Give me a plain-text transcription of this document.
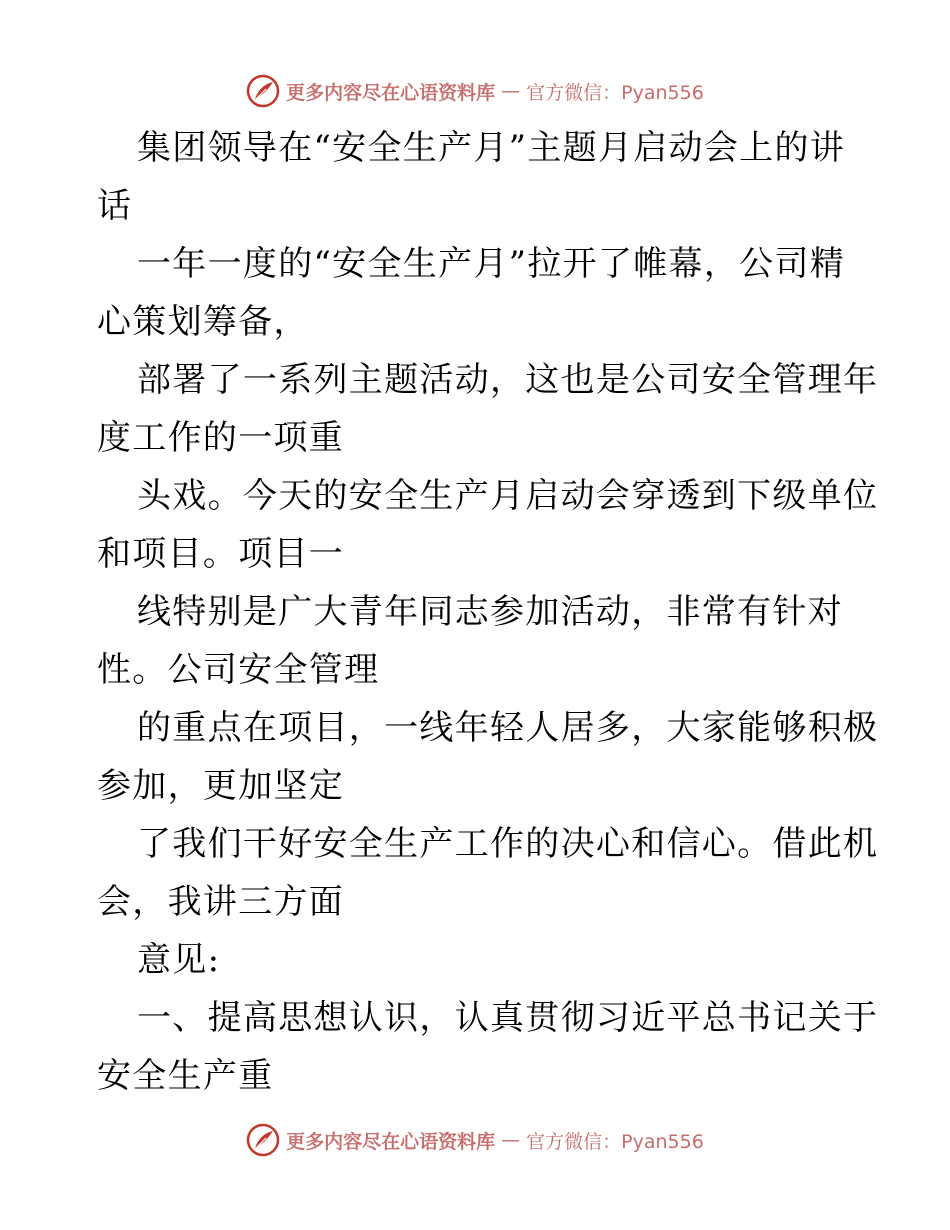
更多内容尽在心语资料库 — 官方微信：Pyan556
集团领导在“安全生产月”主题月启动会上的讲
话
一年一度的“安全生产月”拉开了帷幕，公司精
心策划筹备，
部署了一系列主题活动，这也是公司安全管理年
度工作的一项重
头戏。今天的安全生产月启动会穿透到下级单位
和项目。项目一
线特别是广大青年同志参加活动，非常有针对
性。公司安全管理
的重点在项目，一线年轻人居多，大家能够积极
参加，更加坚定
了我们干好安全生产工作的决心和信心。借此机
会，我讲三方面
意见:
一、提高思想认识，认真贯彻习近平总书记关于
安全生产重
更多内容尽在心语资料库 — 官方微信：Pyan556
